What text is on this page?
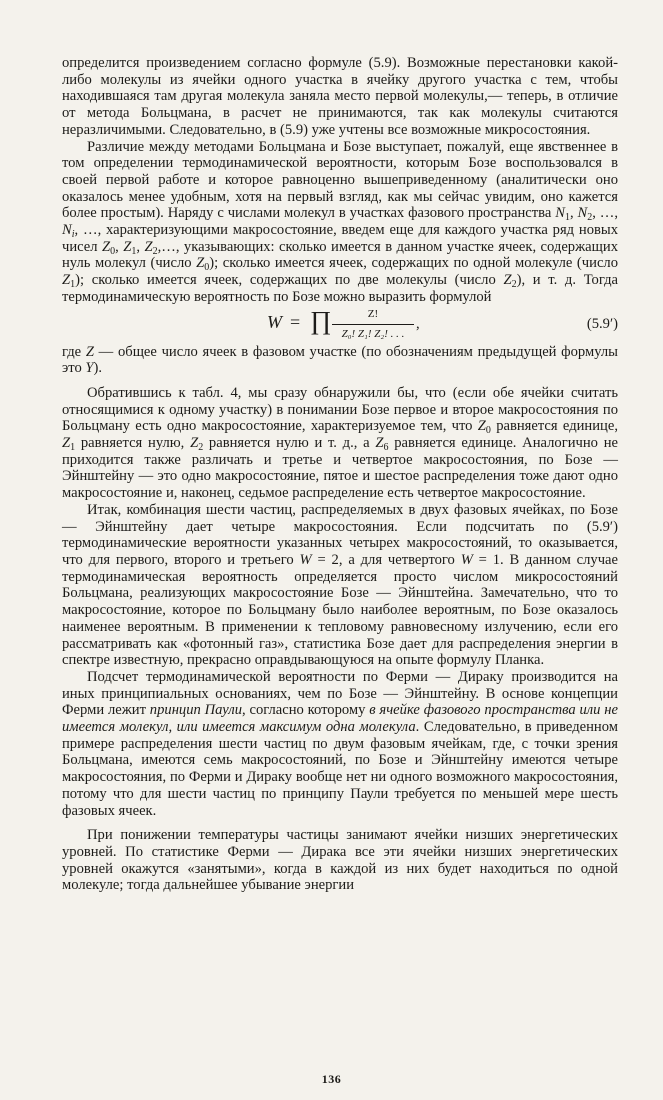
определится произведением согласно формуле (5.9). Возможные перестановки какой-либо молекулы из ячейки одного участка в ячейку другого участка с тем, чтобы находившаяся там другая молекула заняла место первой молекулы,— теперь, в отличие от метода Больцмана, в расчет не принимаются, так как молекулы считаются неразличимыми. Следовательно, в (5.9) уже учтены все возможные микросостояния.

Различие между методами Больцмана и Бозе выступает, пожалуй, еще явственнее в том определении термодинамической вероятности, которым Бозе воспользовался в своей первой работе и которое равноценно вышеприведенному (аналитически оно оказалось менее удобным, хотя на первый взгляд, как мы сейчас увидим, оно кажется более простым). Наряду с числами молекул в участках фазового пространства $N_1$, $N_2$, …, $N_i$, …, характеризующими макросостояние, введем еще для каждого участка ряд новых чисел $Z_0$, $Z_1$, $Z_2,\dots$, указывающих: сколько имеется в данном участке ячеек, содержащих нуль молекул (число $Z_0$); сколько имеется ячеек, содержащих по одной молекуле (число $Z_1$); сколько имеется ячеек, содержащих по две молекулы (число $Z_2$), и т. д. Тогда термодинамическую вероятность по Бозе можно выразить формулой

W = ∏ $\frac{Z!}{\text{Z₀! Z₁! Z₂! . . .}}$ ,	(5.9′)

где Z — общее число ячеек в фазовом участке (по обозначениям предыдущей формулы это Y).

Обратившись к табл. 4, мы сразу обнаружили бы, что (если обе ячейки считать относящимися к одному участку) в понимании Бозе первое и второе макросостояния по Больцману есть одно макросостояние, характеризуемое тем, что $Z_0$ равняется единице, $Z_1$ равняется нулю, $Z_2$ равняется нулю и т. д., а $Z_6$ равняется единице. Аналогично не приходится также различать и третье и четвертое макросостояния, по Бозе — Эйнштейну — это одно макросостояние, пятое и шестое распределения тоже дают одно макросостояние и, наконец, седьмое распределение есть четвертое макросостояние.

Итак, комбинация шести частиц, распределяемых в двух фазовых ячейках, по Бозе — Эйнштейну дает четыре макросостояния. Если подсчитать по (5.9′) термодинамические вероятности указанных четырех макросостояний, то оказывается, что для первого, второго и третьего W = 2, а для четвертого W = 1. В данном случае термодинамическая вероятность определяется просто числом микросостояний Больцмана, реализующих макросостояние Бозе — Эйнштейна. Замечательно, что то макросостояние, которое по Больцману было наиболее вероятным, по Бозе оказалось наименее вероятным. В применении к тепловому равновесному излучению, если его рассматривать как «фотонный газ», статистика Бозе дает для распределения энергии в спектре известную, прекрасно оправдывающуюся на опыте формулу Планка.

Подсчет термодинамической вероятности по Ферми — Дираку производится на иных принципиальных основаниях, чем по Бозе — Эйнштейну. В основе концепции Ферми лежит принцип Паули, согласно которому в ячейке фазового пространства или не имеется молекул, или имеется максимум одна молекула. Следовательно, в приведенном примере распределения шести частиц по двум фазовым ячейкам, где, с точки зрения Больцмана, имеются семь макросостояний, по Бозе и Эйнштейну имеются четыре макросостояния, по Ферми и Дираку вообще нет ни одного возможного макросостояния, потому что для шести частиц по принципу Паули требуется по меньшей мере шесть фазовых ячеек.

При понижении температуры частицы занимают ячейки низших энергетических уровней. По статистике Ферми — Дирака все эти ячейки низших энергетических уровней окажутся «занятыми», когда в каждой из них будет находиться по одной молекуле; тогда дальнейшее убывание энергии

136
